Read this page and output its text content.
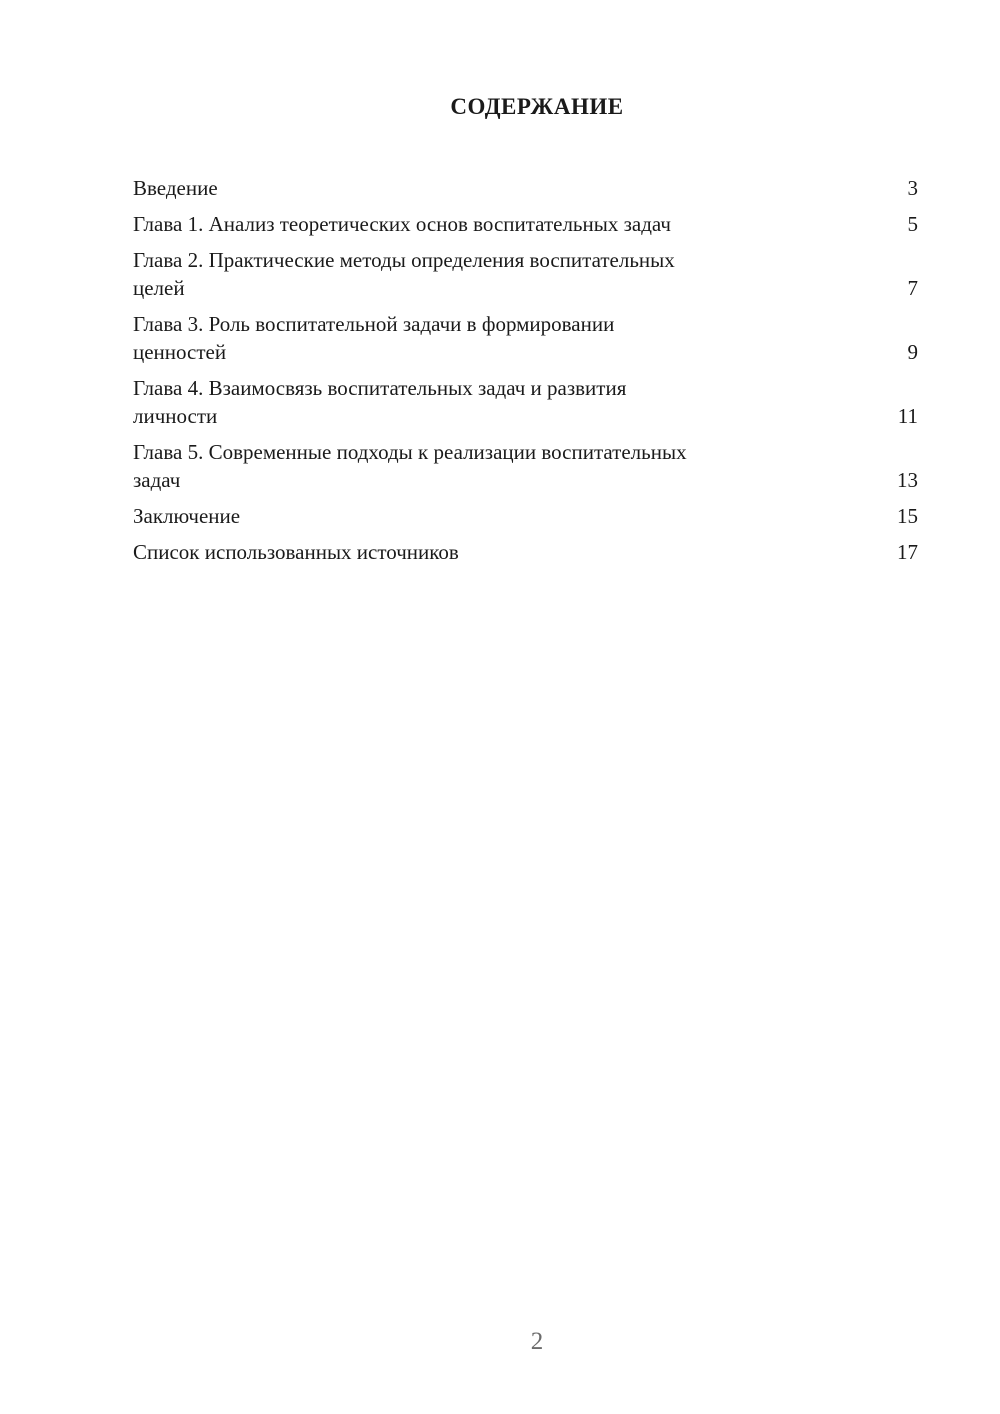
СОДЕРЖАНИЕ
Введение	3
Глава 1. Анализ теоретических основ воспитательных задач	5
Глава 2. Практические методы определения воспитательных
целей	7
Глава 3. Роль воспитательной задачи в формировании
ценностей	9
Глава 4. Взаимосвязь воспитательных задач и развития
личности	11
Глава 5. Современные подходы к реализации воспитательных
задач	13
Заключение	15
Список использованных источников	17
2
